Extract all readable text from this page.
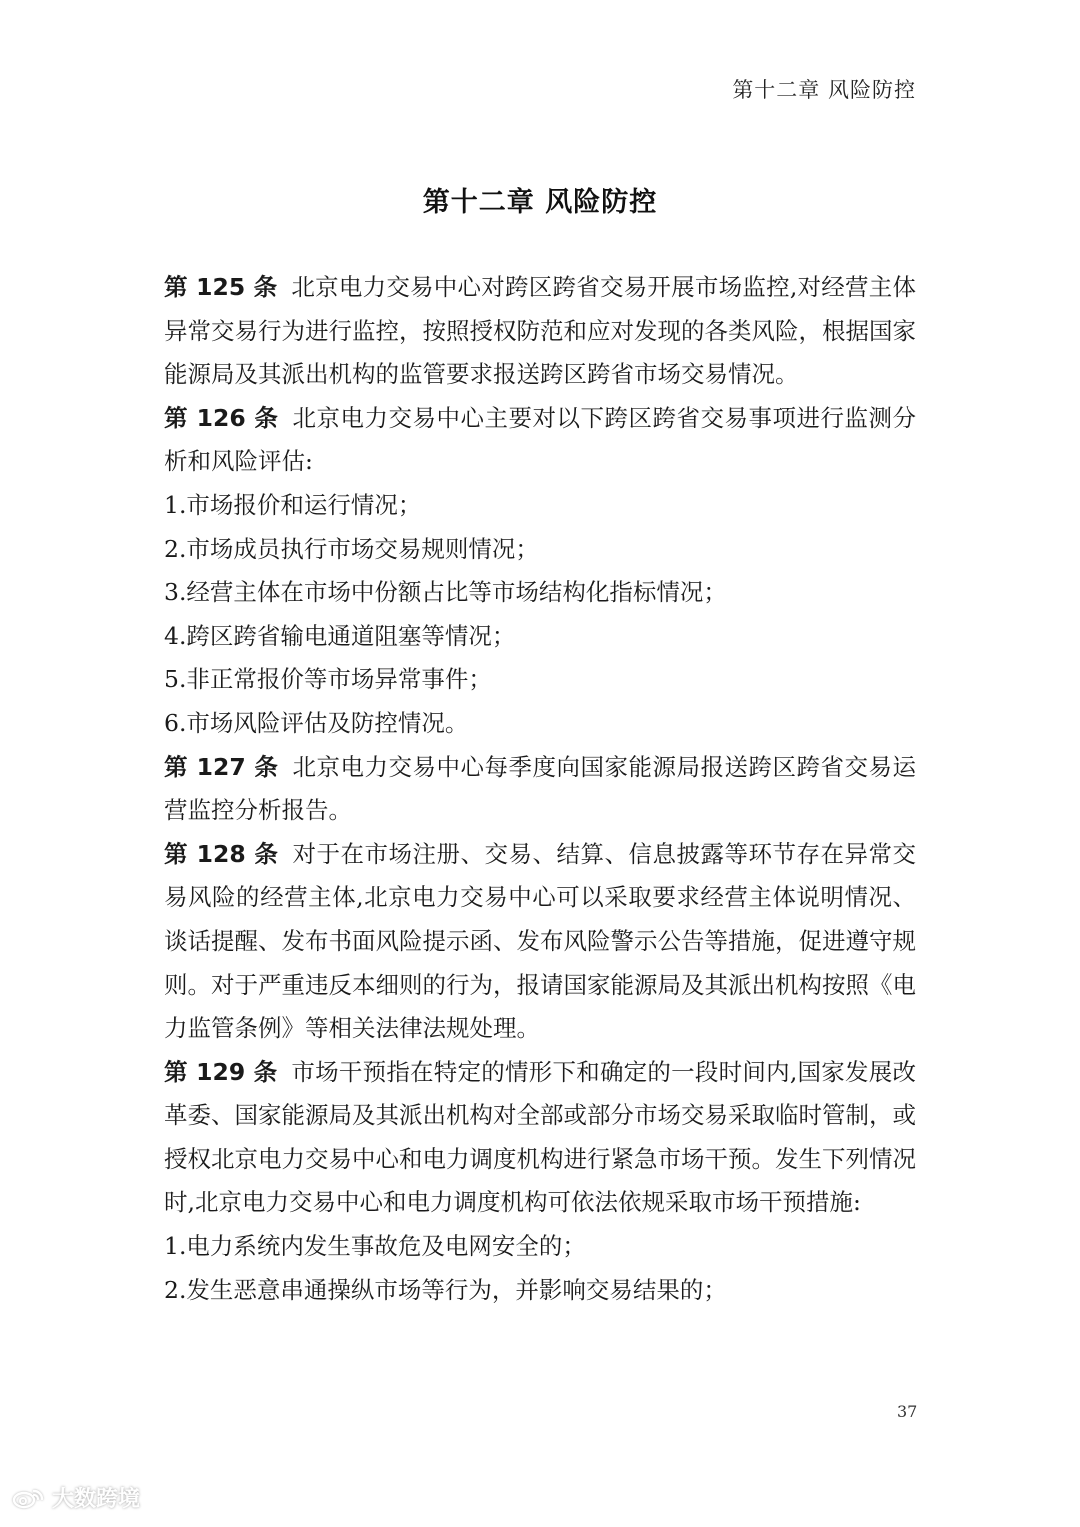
第十二章 风险防控
第十二章 风险防控

第 125 条 北京电力交易中心对跨区跨省交易开展市场监控,对经营主体异常交易行为进行监控，按照授权防范和应对发现的各类风险，根据国家能源局及其派出机构的监管要求报送跨区跨省市场交易情况。

第 126 条 北京电力交易中心主要对以下跨区跨省交易事项进行监测分析和风险评估:

1.市场报价和运行情况；

2.市场成员执行市场交易规则情况；

3.经营主体在市场中份额占比等市场结构化指标情况；

4.跨区跨省输电通道阻塞等情况；

5.非正常报价等市场异常事件；

6.市场风险评估及防控情况。

第 127 条 北京电力交易中心每季度向国家能源局报送跨区跨省交易运营监控分析报告。

第 128 条 对于在市场注册、交易、结算、信息披露等环节存在异常交易风险的经营主体,北京电力交易中心可以采取要求经营主体说明情况、谈话提醒、发布书面风险提示函、发布风险警示公告等措施，促进遵守规则。对于严重违反本细则的行为，报请国家能源局及其派出机构按照《电力监管条例》等相关法律法规处理。

第 129 条 市场干预指在特定的情形下和确定的一段时间内,国家发展改革委、国家能源局及其派出机构对全部或部分市场交易采取临时管制，或授权北京电力交易中心和电力调度机构进行紧急市场干预。发生下列情况时,北京电力交易中心和电力调度机构可依法依规采取市场干预措施:

1.电力系统内发生事故危及电网安全的；

2.发生恶意串通操纵市场等行为，并影响交易结果的；

37
大数跨境
